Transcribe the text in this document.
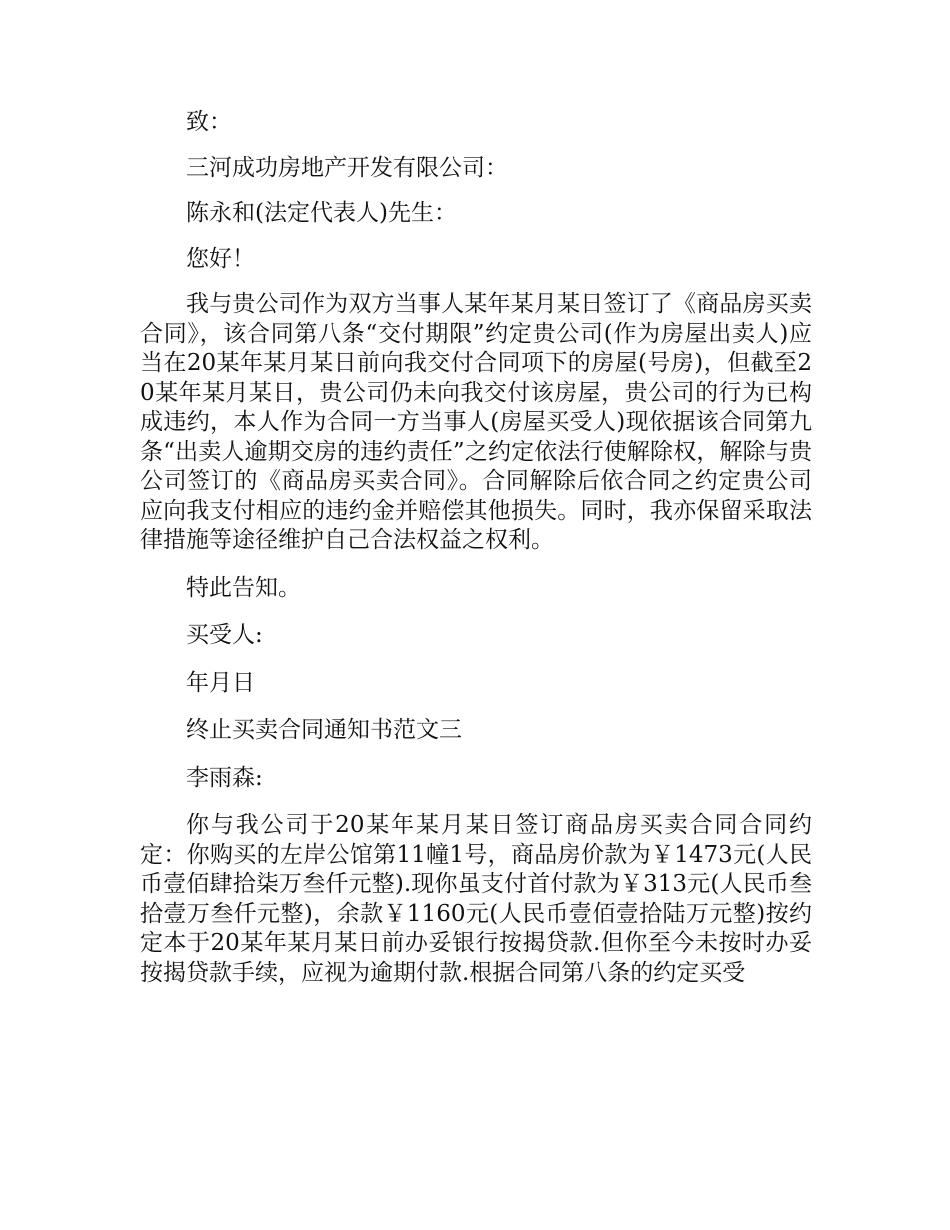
致：

三河成功房地产开发有限公司：

陈永和(法定代表人)先生：

您好！

我与贵公司作为双方当事人某年某月某日签订了《商品房买卖合同》，该合同第八条“交付期限”约定贵公司(作为房屋出卖人)应当在20某年某月某日前向我交付合同项下的房屋(号房)，但截至20某年某月某日，贵公司仍未向我交付该房屋，贵公司的行为已构成违约，本人作为合同一方当事人(房屋买受人)现依据该合同第九条“出卖人逾期交房的违约责任”之约定依法行使解除权，解除与贵公司签订的《商品房买卖合同》。合同解除后依合同之约定贵公司应向我支付相应的违约金并赔偿其他损失。同时，我亦保留采取法律措施等途径维护自己合法权益之权利。

特此告知。

买受人:

年月日

终止买卖合同通知书范文三

李雨森:

你与我公司于20某年某月某日签订商品房买卖合同合同约定：你购买的左岸公馆第11幢1号，商品房价款为￥1473元(人民币壹佰肆拾柒万叁仟元整).现你虽支付首付款为￥313元(人民币叁拾壹万叁仟元整)，余款￥1160元(人民币壹佰壹拾陆万元整)按约定本于20某年某月某日前办妥银行按揭贷款.但你至今未按时办妥按揭贷款手续，应视为逾期付款.根据合同第八条的约定买受
